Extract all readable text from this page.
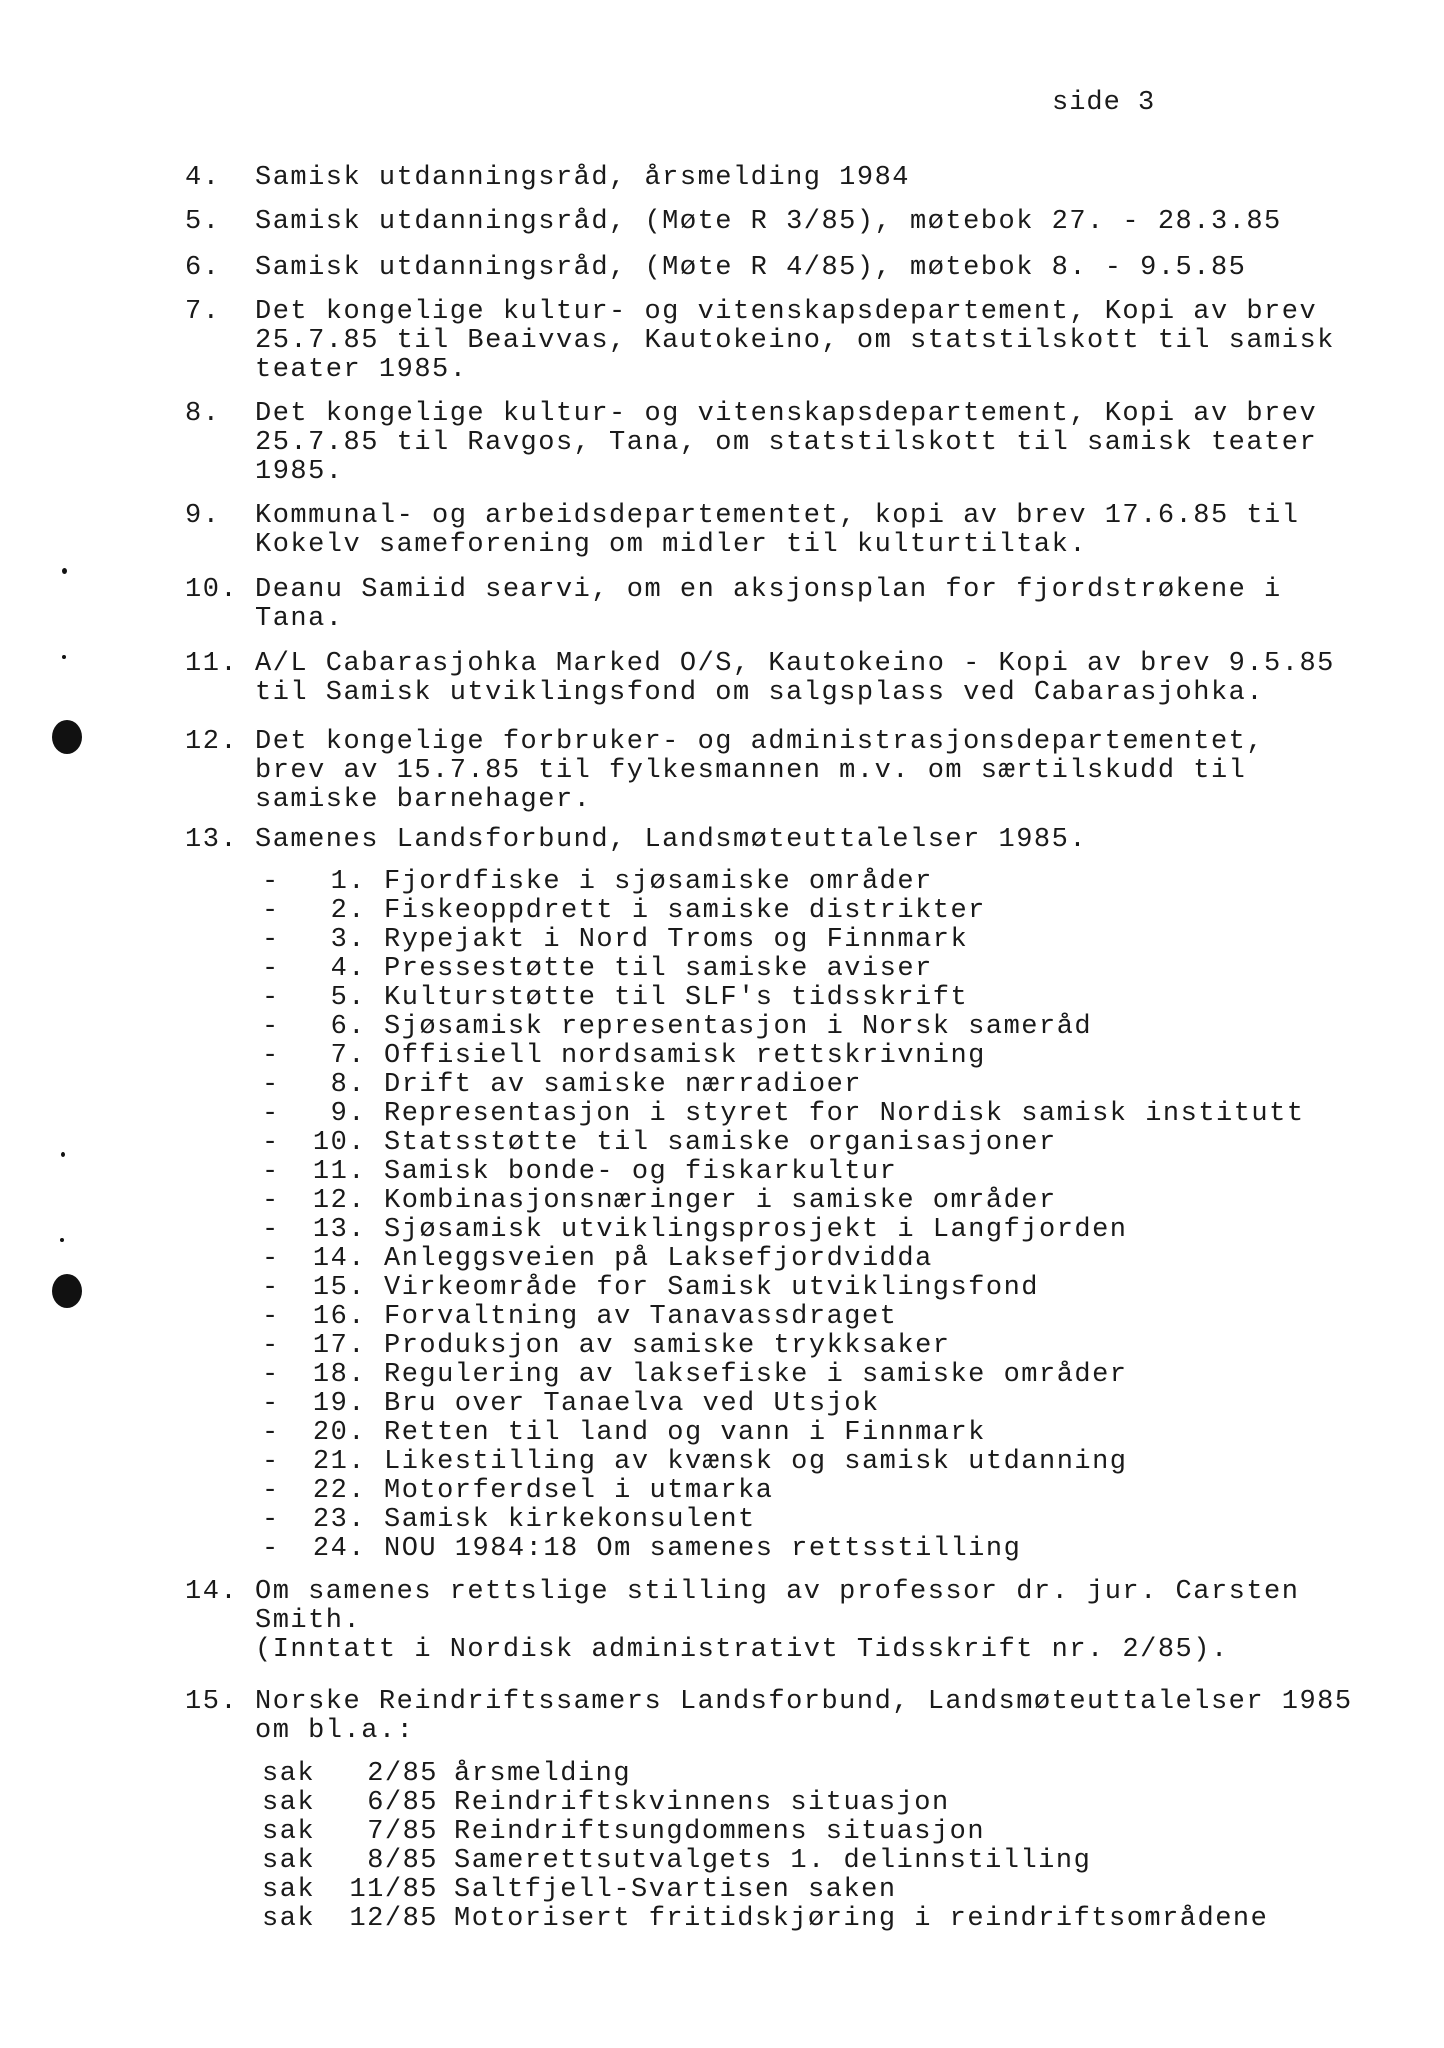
side 3
4. Samisk utdanningsråd, årsmelding 1984
5. Samisk utdanningsråd, (Møte R 3/85), møtebok 27. - 28.3.85
6. Samisk utdanningsråd, (Møte R 4/85), møtebok 8. - 9.5.85
7. Det kongelige kultur- og vitenskapsdepartement, Kopi av brev
25.7.85 til Beaivvas, Kautokeino, om statstilskott til samisk
teater 1985.
8. Det kongelige kultur- og vitenskapsdepartement, Kopi av brev
25.7.85 til Ravgos, Tana, om statstilskott til samisk teater
1985.
9. Kommunal- og arbeidsdepartementet, kopi av brev 17.6.85 til
Kokelv sameforening om midler til kulturtiltak.
10. Deanu Samiid searvi, om en aksjonsplan for fjordstrøkene i
Tana.
11. A/L Cabarasjohka Marked O/S, Kautokeino - Kopi av brev 9.5.85
til Samisk utviklingsfond om salgsplass ved Cabarasjohka.
12. Det kongelige forbruker- og administrasjonsdepartementet,
brev av 15.7.85 til fylkesmannen m.v. om særtilskudd til
samiske barnehager.
13. Samenes Landsforbund, Landsmøteuttalelser 1985.
14. Om samenes rettslige stilling av professor dr. jur. Carsten
Smith.
(Inntatt i Nordisk administrativt Tidsskrift nr. 2/85).
15. Norske Reindriftssamers Landsforbund, Landsmøteuttalelser 1985
om bl.a.:
- 1. Fjordfiske i sjøsamiske områder
- 2. Fiskeoppdrett i samiske distrikter
- 3. Rypejakt i Nord Troms og Finnmark
- 4. Pressestøtte til samiske aviser
- 5. Kulturstøtte til SLF's tidsskrift
- 6. Sjøsamisk representasjon i Norsk sameråd
- 7. Offisiell nordsamisk rettskrivning
- 8. Drift av samiske nærradioer
- 9. Representasjon i styret for Nordisk samisk institutt
- 10. Statsstøtte til samiske organisasjoner
- 11. Samisk bonde- og fiskarkultur
- 12. Kombinasjonsnæringer i samiske områder
- 13. Sjøsamisk utviklingsprosjekt i Langfjorden
- 14. Anleggsveien på Laksefjordvidda
- 15. Virkeområde for Samisk utviklingsfond
- 16. Forvaltning av Tanavassdraget
- 17. Produksjon av samiske trykksaker
- 18. Regulering av laksefiske i samiske områder
- 19. Bru over Tanaelva ved Utsjok
- 20. Retten til land og vann i Finnmark
- 21. Likestilling av kvænsk og samisk utdanning
- 22. Motorferdsel i utmarka
- 23. Samisk kirkekonsulent
- 24. NOU 1984:18 Om samenes rettsstilling
sak 2/85 årsmelding
sak 6/85 Reindriftskvinnens situasjon
sak 7/85 Reindriftsungdommens situasjon
sak 8/85 Samerettsutvalgets 1. delinnstilling
sak 11/85 Saltfjell-Svartisen saken
sak 12/85 Motorisert fritidskjøring i reindriftsområdene
